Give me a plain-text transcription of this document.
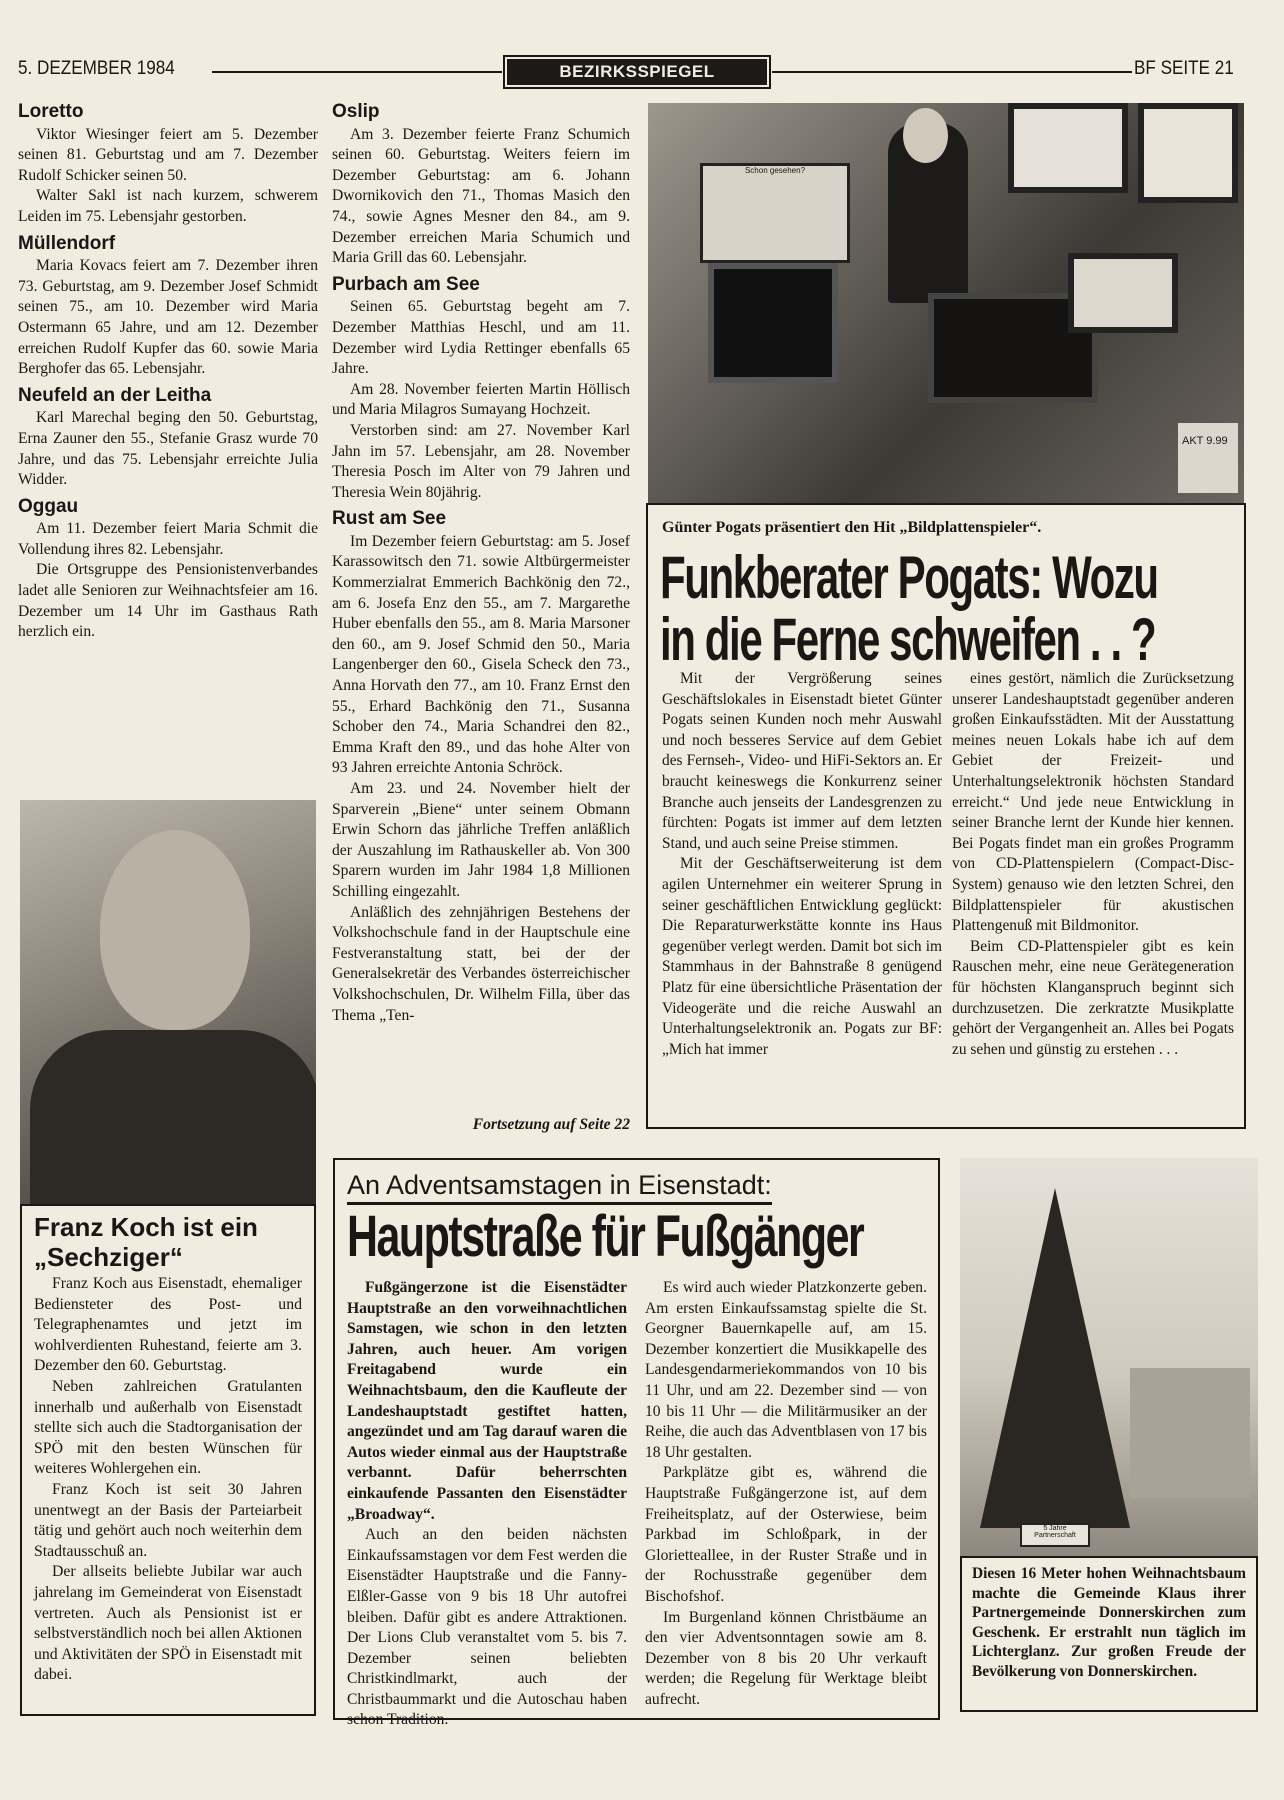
5. DEZEMBER 1984	BEZIRKSSPIEGEL	BF SEITE 21
Loretto

Viktor Wiesinger feiert am 5. Dezember seinen 81. Geburtstag und am 7. Dezember Rudolf Schicker seinen 50.

Walter Sakl ist nach kurzem, schwerem Leiden im 75. Lebensjahr gestorben.

Müllendorf

Maria Kovacs feiert am 7. Dezember ihren 73. Geburtstag, am 9. Dezember Josef Schmidt seinen 75., am 10. Dezember wird Maria Ostermann 65 Jahre, und am 12. Dezember erreichen Rudolf Kupfer das 60. sowie Maria Berghofer das 65. Lebensjahr.

Neufeld an der Leitha

Karl Marechal beging den 50. Geburtstag, Erna Zauner den 55., Stefanie Grasz wurde 70 Jahre, und das 75. Lebensjahr erreichte Julia Widder.

Oggau

Am 11. Dezember feiert Maria Schmit die Vollendung ihres 82. Lebensjahr.

Die Ortsgruppe des Pensionistenverbandes ladet alle Senioren zur Weihnachtsfeier am 16. Dezember um 14 Uhr im Gasthaus Rath herzlich ein.

Oslip

Am 3. Dezember feierte Franz Schumich seinen 60. Geburtstag. Weiters feiern im Dezember Geburtstag: am 6. Johann Dwornikovich den 71., Thomas Masich den 74., sowie Agnes Mesner den 84., am 9. Dezember erreichen Maria Schumich und Maria Grill das 60. Lebensjahr.

Purbach am See

Seinen 65. Geburtstag begeht am 7. Dezember Matthias Heschl, und am 11. Dezember wird Lydia Rettinger ebenfalls 65 Jahre.

Am 28. November feierten Martin Höllisch und Maria Milagros Sumayang Hochzeit.

Verstorben sind: am 27. November Karl Jahn im 57. Lebensjahr, am 28. November Theresia Posch im Alter von 79 Jahren und Theresia Wein 80jährig.

Rust am See

Im Dezember feiern Geburtstag: am 5. Josef Karassowitsch den 71. sowie Altbürgermeister Kommerzialrat Emmerich Bachkönig den 72., am 6. Josefa Enz den 55., am 7. Margarethe Huber ebenfalls den 55., am 8. Maria Marsoner den 60., am 9. Josef Schmid den 50., Maria Langenberger den 60., Gisela Scheck den 73., Anna Horvath den 77., am 10. Franz Ernst den 55., Erhard Bachkönig den 71., Susanna Schober den 74., Maria Schandrei den 82., Emma Kraft den 89., und das hohe Alter von 93 Jahren erreichte Antonia Schröck.

Am 23. und 24. November hielt der Sparverein „Biene“ unter seinem Obmann Erwin Schorn das jährliche Treffen anläßlich der Auszahlung im Rathauskeller ab. Von 300 Sparern wurden im Jahr 1984 1,8 Millionen Schilling eingezahlt.

Anläßlich des zehnjährigen Bestehens der Volkshochschule fand in der Hauptschule eine Festveranstaltung statt, bei der der Generalsekretär des Verbandes österreichischer Volkshochschulen, Dr. Wilhelm Filla, über das Thema „Ten-

Fortsetzung auf Seite 22
Schon gesehen?
AKT 9.99
Günter Pogats präsentiert den Hit „Bildplattenspieler“.
Funkberater Pogats: Wozu
in die Ferne schweifen . . ?

Mit der Vergrößerung seines Geschäftslokales in Eisenstadt bietet Günter Pogats seinen Kunden noch mehr Auswahl und noch besseres Service auf dem Gebiet des Fernseh-, Video- und HiFi-Sektors an. Er braucht keineswegs die Konkurrenz seiner Branche auch jenseits der Landesgrenzen zu fürchten: Pogats ist immer auf dem letzten Stand, und auch seine Preise stimmen.

Mit der Geschäftserweiterung ist dem agilen Unternehmer ein weiterer Sprung in seiner geschäftlichen Entwicklung geglückt: Die Reparaturwerkstätte konnte ins Haus gegenüber verlegt werden. Damit bot sich im Stammhaus in der Bahnstraße 8 genügend Platz für eine übersichtliche Präsentation der Videogeräte und die reiche Auswahl an Unterhaltungselektronik an. Pogats zur BF: „Mich hat immer

eines gestört, nämlich die Zurücksetzung unserer Landeshauptstadt gegenüber anderen großen Einkaufsstädten. Mit der Ausstattung meines neuen Lokals habe ich auf dem Gebiet der Freizeit- und Unterhaltungselektronik höchsten Standard erreicht.“ Und jede neue Entwicklung in seiner Branche lernt der Kunde hier kennen. Bei Pogats findet man ein großes Programm von CD-Plattenspielern (Compact-Disc-System) genauso wie den letzten Schrei, den Bildplattenspieler für akustischen Plattengenuß mit Bildmonitor.

Beim CD-Plattenspieler gibt es kein Rauschen mehr, eine neue Gerätegeneration für höchsten Klanganspruch beginnt sich durchzusetzen. Die zerkratzte Musikplatte gehört der Vergangenheit an. Alles bei Pogats zu sehen und günstig zu erstehen . . .

Franz Koch ist ein „Sechziger“

Franz Koch aus Eisenstadt, ehemaliger Bediensteter des Post- und Telegraphenamtes und jetzt im wohlverdienten Ruhestand, feierte am 3. Dezember den 60. Geburtstag.

Neben zahlreichen Gratulanten innerhalb und außerhalb von Eisenstadt stellte sich auch die Stadtorganisation der SPÖ mit den besten Wünschen für weiteres Wohlergehen ein.

Franz Koch ist seit 30 Jahren unentwegt an der Basis der Parteiarbeit tätig und gehört auch noch weiterhin dem Stadtausschuß an.

Der allseits beliebte Jubilar war auch jahrelang im Gemeinderat von Eisenstadt vertreten. Auch als Pensionist ist er selbstverständlich noch bei allen Aktionen und Aktivitäten der SPÖ in Eisenstadt mit dabei.

An Adventsamstagen in Eisenstadt:
Hauptstraße für Fußgänger

Fußgängerzone ist die Eisenstädter Hauptstraße an den vorweihnachtlichen Samstagen, wie schon in den letzten Jahren, auch heuer. Am vorigen Freitagabend wurde ein Weihnachtsbaum, den die Kaufleute der Landeshauptstadt gestiftet hatten, angezündet und am Tag darauf waren die Autos wieder einmal aus der Hauptstraße verbannt. Dafür beherrschten einkaufende Passanten den Eisenstädter „Broadway“.

Auch an den beiden nächsten Einkaufssamstagen vor dem Fest werden die Eisenstädter Hauptstraße und die Fanny-Elßler-Gasse von 9 bis 18 Uhr autofrei bleiben. Dafür gibt es andere Attraktionen. Der Lions Club veranstaltet vom 5. bis 7. Dezember seinen beliebten Christkindlmarkt, auch der Christbaummarkt und die Autoschau haben schon Tradition.

Es wird auch wieder Platzkonzerte geben. Am ersten Einkaufssamstag spielte die St. Georgner Bauernkapelle auf, am 15. Dezember konzertiert die Musikkapelle des Landesgendarmeriekommandos von 10 bis 11 Uhr, und am 22. Dezember sind — von 10 bis 11 Uhr — die Militärmusiker an der Reihe, die auch das Adventblasen von 17 bis 18 Uhr gestalten.

Parkplätze gibt es, während die Hauptstraße Fußgängerzone ist, auf dem Freiheitsplatz, auf der Osterwiese, beim Parkbad im Schloßpark, in der Glorietteallee, in der Ruster Straße und in der Rochusstraße gegenüber dem Bischofshof.

Im Burgenland können Christbäume an den vier Adventsonntagen sowie am 8. Dezember von 8 bis 20 Uhr verkauft werden; die Regelung für Werktage bleibt aufrecht.

5 Jahre Partnerschaft
Diesen 16 Meter hohen Weihnachtsbaum machte die Gemeinde Klaus ihrer Partnergemeinde Donnerskirchen zum Geschenk. Er erstrahlt nun täglich im Lichterglanz. Zur großen Freude der Bevölkerung von Donnerskirchen.
